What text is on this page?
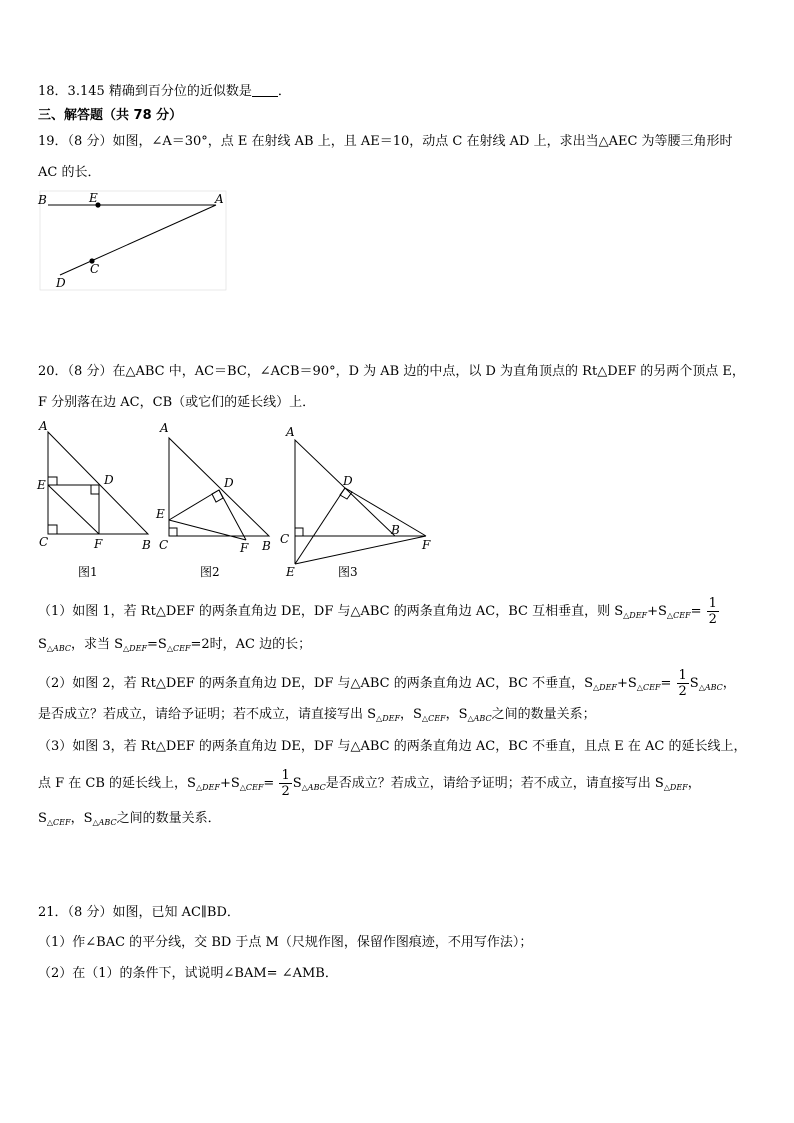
18．3.145 精确到百分位的近似数是 ．
三、解答题（共 78 分）
19．（8 分）如图，∠A＝30°，点 E 在射线 AB 上，且 AE＝10，动点 C 在射线 AD 上，求出当△AEC 为等腰三角形时
AC 的长．
B	E	A
C
D
20．（8 分）在△ABC 中，AC＝BC，∠ACB＝90°，D 为 AB 边的中点，以 D 为直角顶点的 Rt△DEF 的另两个顶点 E，
F 分别落在边 AC，CB（或它们的延长线）上．
A
E	D
C	F	B
图1
A
D
E
C	F B
图2
A
D
C
B
F
E	图3
（1）如图 1，若 Rt△DEF 的两条直角边 DE，DF 与△ABC 的两条直角边 AC，BC 互相垂直，则 $S_{\triangle DEF}+S_{\triangle CEF}= \frac{1}{2}$
$S_{\triangle ABC}$，求当 $S_{\triangle DEF}=S_{\triangle CEF}=2$时，AC 边的长；
（2）如图 2，若 Rt△DEF 的两条直角边 DE，DF 与△ABC 的两条直角边 AC，BC 不垂直，$S_{\triangle DEF}+S_{\triangle CEF}= \frac{1}{2} S_{\triangle ABC}$，
是否成立？若成立，请给予证明；若不成立，请直接写出 $S_{\triangle DEF}$，$S_{\triangle CEF}$，$S_{\triangle ABC}$之间的数量关系；
（3）如图 3，若 Rt△DEF 的两条直角边 DE，DF 与△ABC 的两条直角边 AC，BC 不垂直，且点 E 在 AC 的延长线上，
点 F 在 CB 的延长线上，$S_{\triangle DEF}+S_{\triangle CEF}= \frac{1}{2} S_{\triangle ABC}$是否成立？若成立，请给予证明；若不成立，请直接写出 $S_{\triangle DEF}$，
$S_{\triangle CEF}$，$S_{\triangle ABC}$之间的数量关系．
21．（8 分）如图，已知 AC∥BD．
（1）作∠BAC 的平分线，交 BD 于点 M（尺规作图，保留作图痕迹，不用写作法）；
（2）在（1）的条件下，试说明∠BAM= ∠AMB．
